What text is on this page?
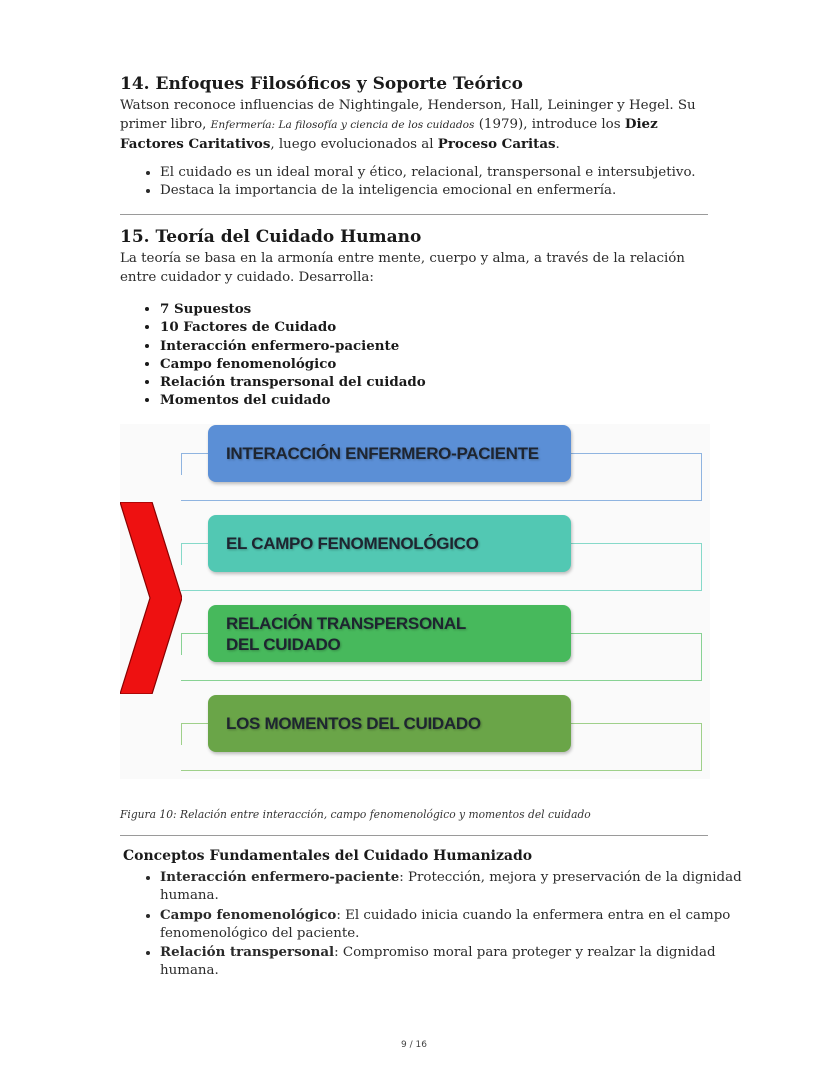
14. Enfoques Filosóficos y Soporte Teórico
Watson reconoce influencias de Nightingale, Henderson, Hall, Leininger y Hegel. Su primer libro, Enfermería: La filosofía y ciencia de los cuidados (1979), introduce los Diez Factores Caritativos, luego evolucionados al Proceso Caritas.
• El cuidado es un ideal moral y ético, relacional, transpersonal e intersubjetivo.
• Destaca la importancia de la inteligencia emocional en enfermería.
15. Teoría del Cuidado Humano
La teoría se basa en la armonía entre mente, cuerpo y alma, a través de la relación entre cuidador y cuidado. Desarrolla:
• 7 Supuestos
• 10 Factores de Cuidado
• Interacción enfermero-paciente
• Campo fenomenológico
• Relación transpersonal del cuidado
• Momentos del cuidado
INTERACCIÓN ENFERMERO-PACIENTE
EL CAMPO FENOMENOLÓGICO
RELACIÓN TRANSPERSONAL DEL CUIDADO
LOS MOMENTOS DEL CUIDADO
Figura 10: Relación entre interacción, campo fenomenológico y momentos del cuidado
Conceptos Fundamentales del Cuidado Humanizado
• Interacción enfermero-paciente: Protección, mejora y preservación de la dignidad humana.
• Campo fenomenológico: El cuidado inicia cuando la enfermera entra en el campo fenomenológico del paciente.
• Relación transpersonal: Compromiso moral para proteger y realzar la dignidad humana.
9 / 16
